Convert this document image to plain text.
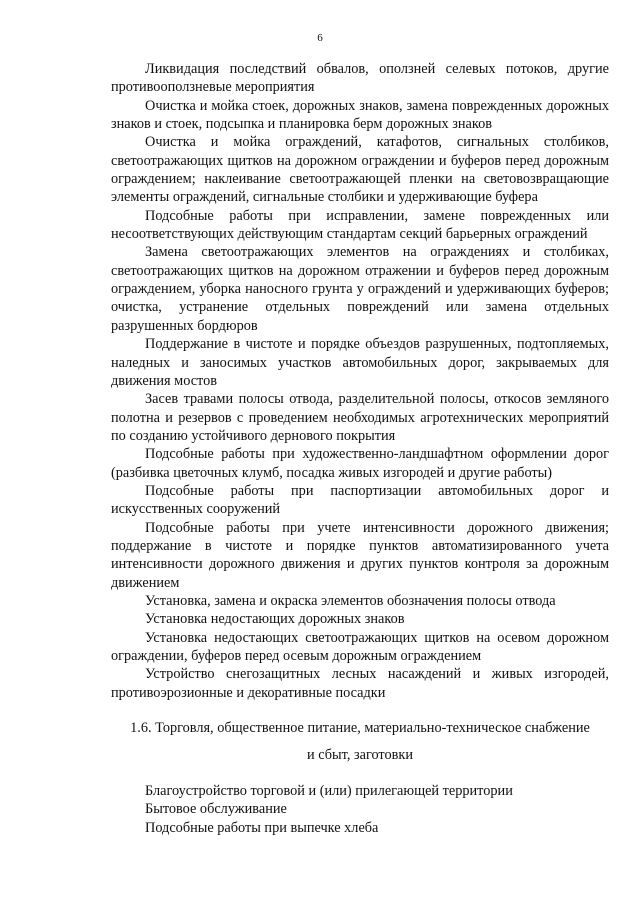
6

Ликвидация последствий обвалов, оползней селевых потоков, другие противооползневые мероприятия

Очистка и мойка стоек, дорожных знаков, замена поврежденных дорожных знаков и стоек, подсыпка и планировка берм дорожных знаков

Очистка и мойка ограждений, катафотов, сигнальных столбиков, светоотражающих щитков на дорожном ограждении и буферов перед дорожным ограждением; наклеивание светоотражающей пленки на световозвращающие элементы ограждений, сигнальные столбики и удерживающие буфера

Подсобные работы при исправлении, замене поврежденных или несоответствующих действующим стандартам секций барьерных ограждений

Замена светоотражающих элементов на ограждениях и столбиках, светоотражающих щитков на дорожном отражении и буферов перед дорожным ограждением, уборка наносного грунта у ограждений и удерживающих буферов; очистка, устранение отдельных повреждений или замена отдельных разрушенных бордюров

Поддержание в чистоте и порядке объездов разрушенных, подтопляемых, наледных и заносимых участков автомобильных дорог, закрываемых для движения мостов

Засев травами полосы отвода, разделительной полосы, откосов земляного полотна и резервов с проведением необходимых агротехнических мероприятий по созданию устойчивого дернового покрытия

Подсобные работы при художественно-ландшафтном оформлении дорог (разбивка цветочных клумб, посадка живых изгородей и другие работы)

Подсобные работы при паспортизации автомобильных дорог и искусственных сооружений

Подсобные работы при учете интенсивности дорожного движения; поддержание в чистоте и порядке пунктов автоматизированного учета интенсивности дорожного движения и других пунктов контроля за дорожным движением

Установка, замена и окраска элементов обозначения полосы отвода

Установка недостающих дорожных знаков

Установка недостающих светоотражающих щитков на осевом дорожном ограждении, буферов перед осевым дорожным ограждением

Устройство снегозащитных лесных насаждений и живых изгородей, противоэрозионные и декоративные посадки

1.6. Торговля, общественное питание, материально-техническое снабжение
и сбыт, заготовки

Благоустройство торговой и (или) прилегающей территории

Бытовое обслуживание

Подсобные работы при выпечке хлеба
